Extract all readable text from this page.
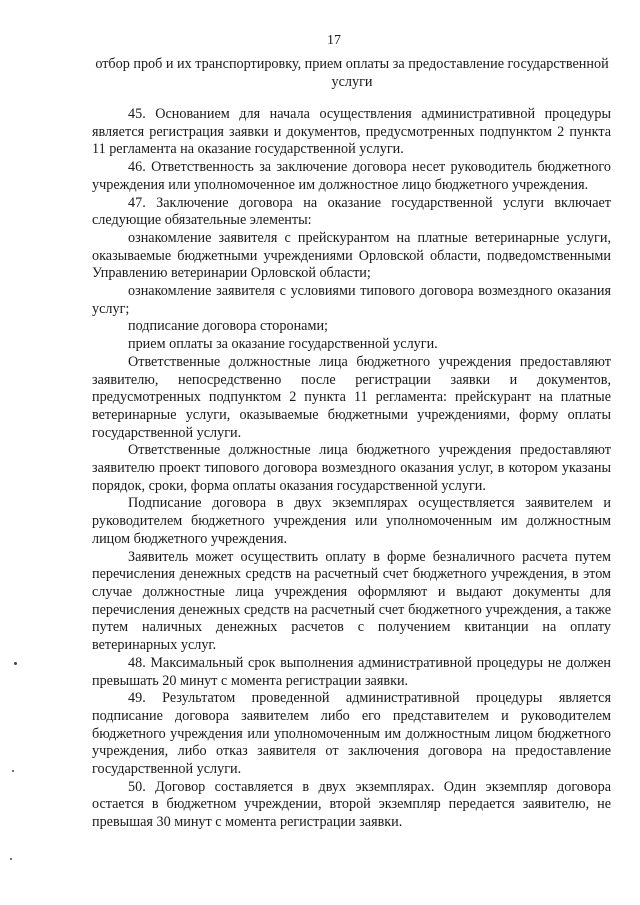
17
отбор проб и их транспортировку, прием оплаты за предоставление государственной услуги

45. Основанием для начала осуществления административной процедуры является регистрация заявки и документов, предусмотренных подпунктом 2 пункта 11 регламента на оказание государственной услуги.

46. Ответственность за заключение договора несет руководитель бюджетного учреждения или уполномоченное им должностное лицо бюджетного учреждения.

47. Заключение договора на оказание государственной услуги включает следующие обязательные элементы:

ознакомление заявителя с прейскурантом на платные ветеринарные услуги, оказываемые бюджетными учреждениями Орловской области, подведомственными Управлению ветеринарии Орловской области;

ознакомление заявителя с условиями типового договора возмездного оказания услуг;

подписание договора сторонами;

прием оплаты за оказание государственной услуги.

Ответственные должностные лица бюджетного учреждения предоставляют заявителю, непосредственно после регистрации заявки и документов, предусмотренных подпунктом 2 пункта 11 регламента: прейскурант на платные ветеринарные услуги, оказываемые бюджетными учреждениями, форму оплаты государственной услуги.

Ответственные должностные лица бюджетного учреждения предоставляют заявителю проект типового договора возмездного оказания услуг, в котором указаны порядок, сроки, форма оплаты оказания государственной услуги.

Подписание договора в двух экземплярах осуществляется заявителем и руководителем бюджетного учреждения или уполномоченным им должностным лицом бюджетного учреждения.

Заявитель может осуществить оплату в форме безналичного расчета путем перечисления денежных средств на расчетный счет бюджетного учреждения, в этом случае должностные лица учреждения оформляют и выдают документы для перечисления денежных средств на расчетный счет бюджетного учреждения, а также путем наличных денежных расчетов с получением квитанции на оплату ветеринарных услуг.

48. Максимальный срок выполнения административной процедуры не должен превышать 20 минут с момента регистрации заявки.

49. Результатом проведенной административной процедуры является подписание договора заявителем либо его представителем и руководителем бюджетного учреждения или уполномоченным им должностным лицом бюджетного учреждения, либо отказ заявителя от заключения договора на предоставление государственной услуги.

50. Договор составляется в двух экземплярах. Один экземпляр договора остается в бюджетном учреждении, второй экземпляр передается заявителю, не превышая 30 минут с момента регистрации заявки.
